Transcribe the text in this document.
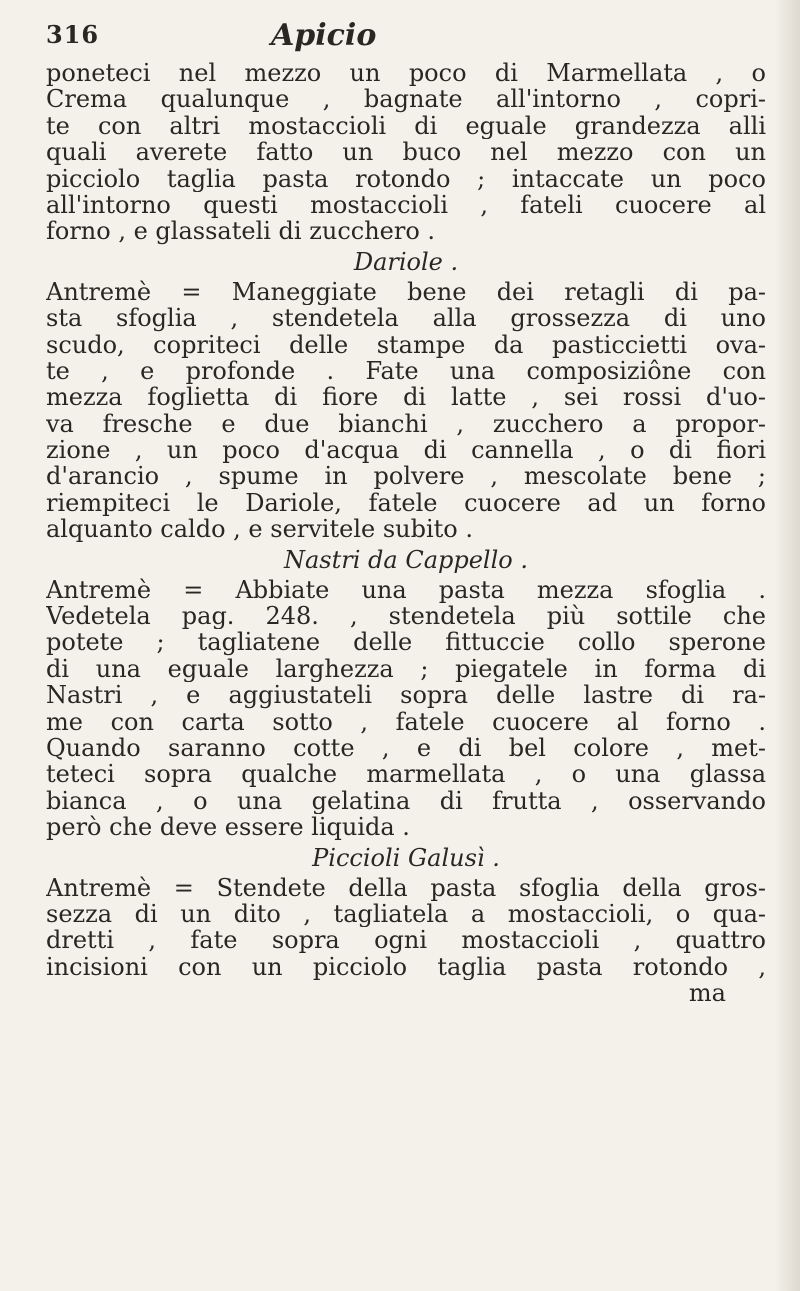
316	Apicio
poneteci nel mezzo un poco di Marmellata , o
Crema qualunque , bagnate all'intorno , copri-
te con altri mostaccioli di eguale grandezza alli
quali averete fatto un buco nel mezzo con un
picciolo taglia pasta rotondo ; intaccate un poco
all'intorno questi mostaccioli , fateli cuocere al
forno , e glassateli di zucchero .
Dariole .
Antremè = Maneggiate bene dei retagli di pa-
sta sfoglia , stendetela alla grossezza di uno
scudo, copriteci delle stampe da pasticcietti ova-
te , e profonde . Fate una composiziône con
mezza foglietta di fiore di latte , sei rossi d'uo-
va fresche e due bianchi , zucchero a propor-
zione , un poco d'acqua di cannella , o di fiori
d'arancio , spume in polvere , mescolate bene ;
riempiteci le Dariole, fatele cuocere ad un forno
alquanto caldo , e servitele subito .
Nastri da Cappello .
Antremè = Abbiate una pasta mezza sfoglia .
Vedetela pag. 248. , stendetela più sottile che
potete ; tagliatene delle fittuccie collo sperone
di una eguale larghezza ; piegatele in forma di
Nastri , e aggiustateli sopra delle lastre di ra-
me con carta sotto , fatele cuocere al forno .
Quando saranno cotte , e di bel colore , met-
teteci sopra qualche marmellata , o una glassa
bianca , o una gelatina di frutta , osservando
però che deve essere liquida .
Piccioli Galusì .
Antremè = Stendete della pasta sfoglia della gros-
sezza di un dito , tagliatela a mostaccioli, o qua-
dretti , fate sopra ogni mostaccioli , quattro
incisioni con un picciolo taglia pasta rotondo ,
ma
